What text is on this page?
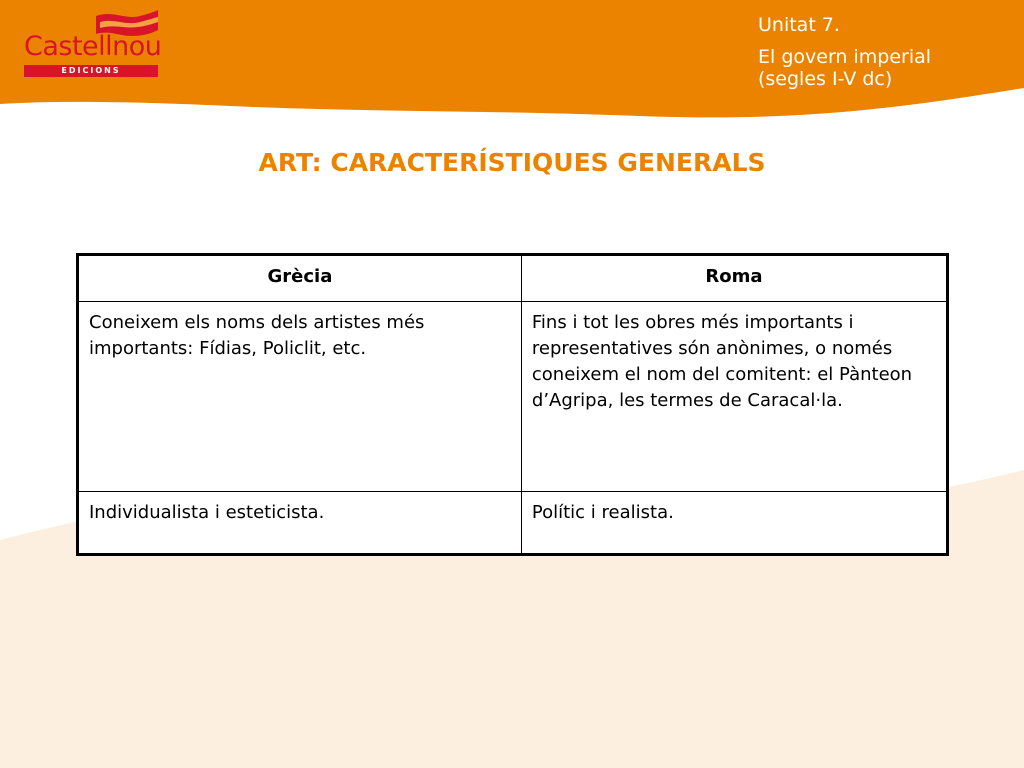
Castellnou
EDICIONS

Unitat 7.

El govern imperial

(segles I-V dc)

ART: CARACTERÍSTIQUES GENERALS
Grècia	Roma
Coneixem els noms dels artistes més importants: Fídias, Policlit, etc.	Fins i tot les obres més importants i representatives són anònimes, o només coneixem el nom del comitent: el Pànteon d’Agripa, les termes de Caracal·la.
Individualista i esteticista.	Polític i realista.
